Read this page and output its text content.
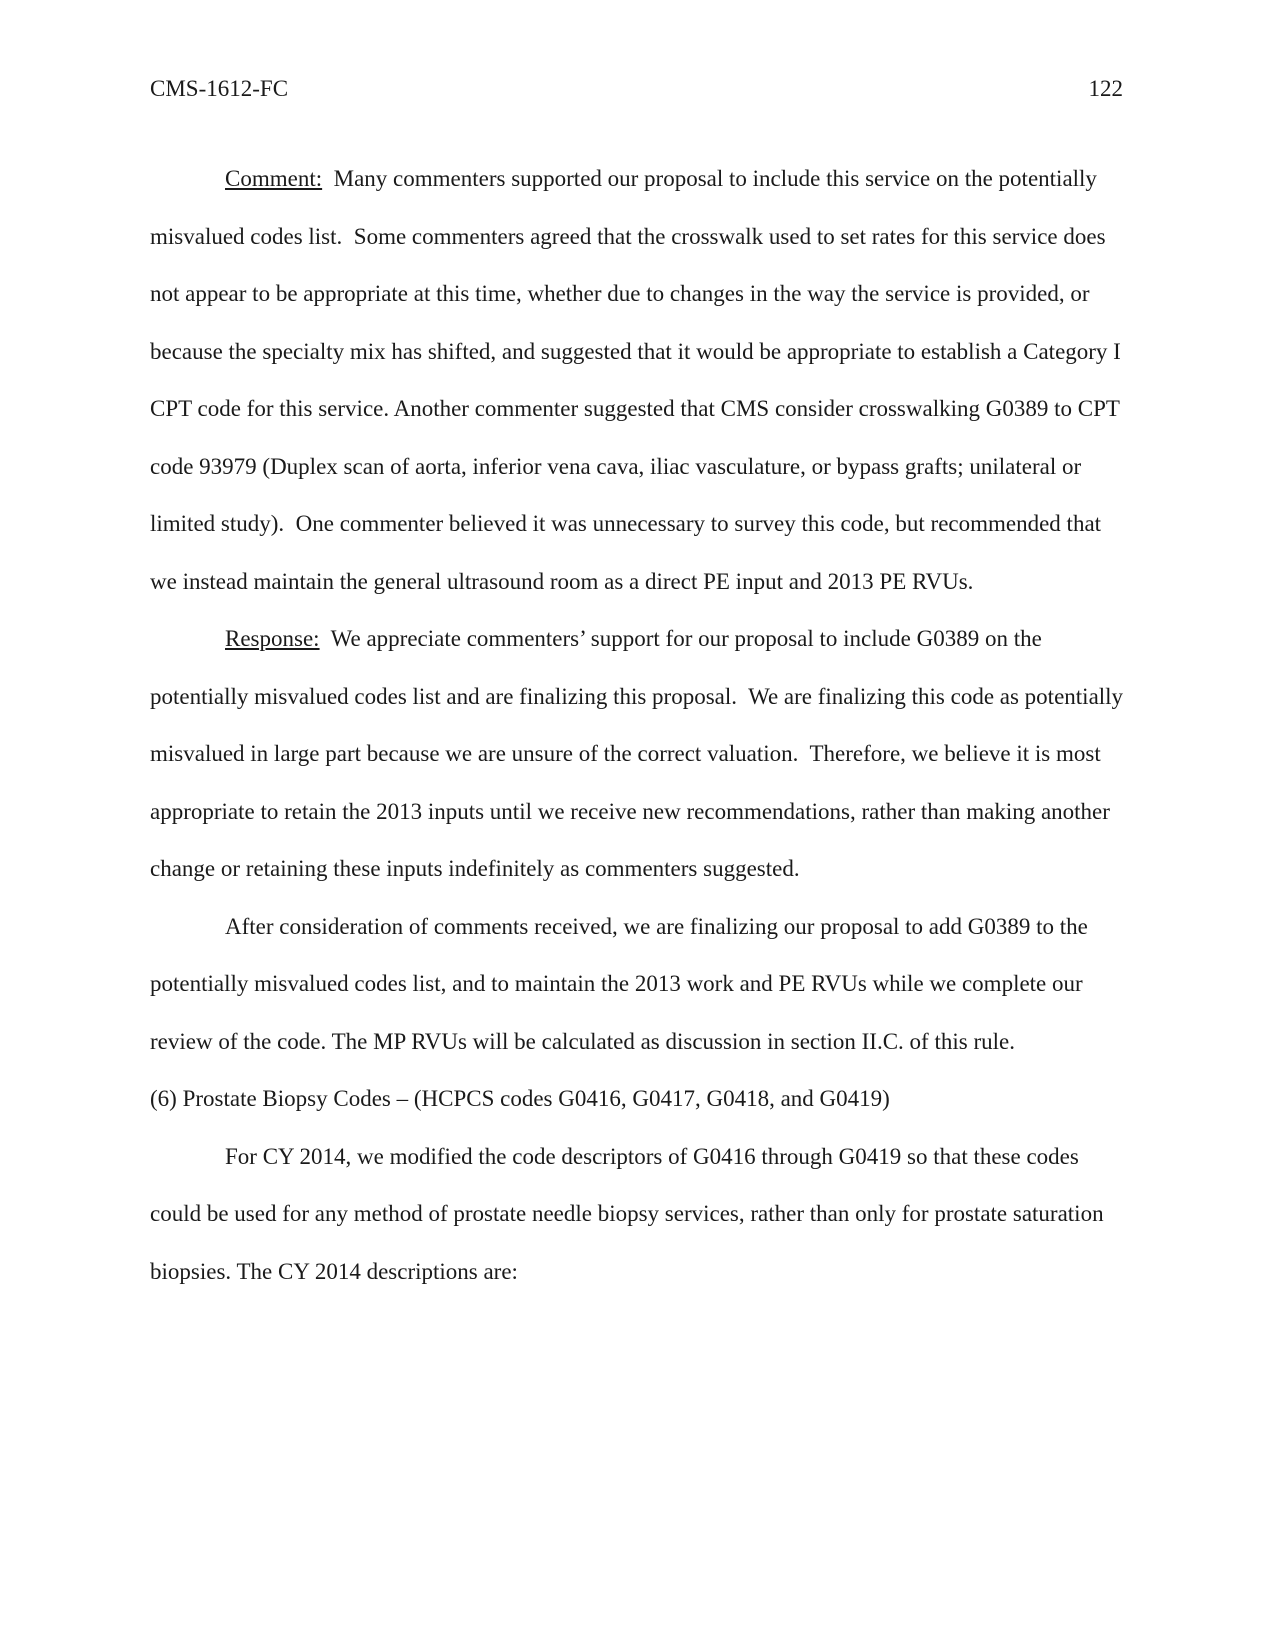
CMS-1612-FC	122

Comment:  Many commenters supported our proposal to include this service on the potentially misvalued codes list.  Some commenters agreed that the crosswalk used to set rates for this service does not appear to be appropriate at this time, whether due to changes in the way the service is provided, or because the specialty mix has shifted, and suggested that it would be appropriate to establish a Category I CPT code for this service. Another commenter suggested that CMS consider crosswalking G0389 to CPT code 93979 (Duplex scan of aorta, inferior vena cava, iliac vasculature, or bypass grafts; unilateral or limited study).  One commenter believed it was unnecessary to survey this code, but recommended that we instead maintain the general ultrasound room as a direct PE input and 2013 PE RVUs.

Response:  We appreciate commenters’ support for our proposal to include G0389 on the potentially misvalued codes list and are finalizing this proposal.  We are finalizing this code as potentially misvalued in large part because we are unsure of the correct valuation.  Therefore, we believe it is most appropriate to retain the 2013 inputs until we receive new recommendations, rather than making another change or retaining these inputs indefinitely as commenters suggested.

After consideration of comments received, we are finalizing our proposal to add G0389 to the potentially misvalued codes list, and to maintain the 2013 work and PE RVUs while we complete our review of the code. The MP RVUs will be calculated as discussion in section II.C. of this rule.

(6) Prostate Biopsy Codes – (HCPCS codes G0416, G0417, G0418, and G0419)

For CY 2014, we modified the code descriptors of G0416 through G0419 so that these codes could be used for any method of prostate needle biopsy services, rather than only for prostate saturation biopsies. The CY 2014 descriptions are:
